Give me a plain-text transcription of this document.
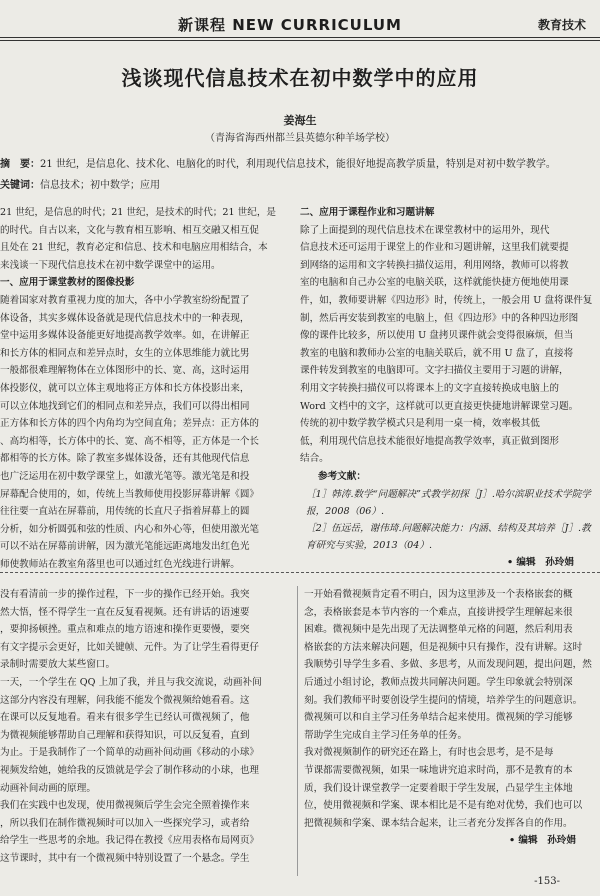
新课程 NEW CURRICULUM	教育技术
浅谈现代信息技术在初中数学中的应用
姜海生
（青海省海西州都兰县英德尔种羊场学校）
摘　要：21 世纪，是信息化、技术化、电脑化的时代，利用现代信息技术，能很好地提高教学质量，特别是对初中数学教学。
关键词：信息技术；初中数学；应用

21 世纪，是信息的时代；21 世纪，是技术的时代；21 世纪，是

的时代。自古以来，文化与教育相互影响、相互交融又相互促

且处在 21 世纪，教育必定和信息、技术和电脑应用相结合，本

来浅谈一下现代信息技术在初中数学课堂中的运用。

一、应用于课堂教材的图像投影

随着国家对教育重视力度的加大，各中小学教室纷纷配置了

体设备，其实多媒体设备就是现代信息技术中的一种表现，

堂中运用多媒体设备能更好地提高教学效率。如，在讲解正

和长方体的相同点和差异点时，女生的立体思维能力就比男

一般都很难理解物体在立体图形中的长、宽、高，这时运用

体投影仪，就可以立体主观地将正方体和长方体投影出来，

可以立体地找到它们的相同点和差异点，我们可以得出相同

正方体和长方体的四个内角均为空间直角；差异点：正方体的

、高均相等，长方体中的长、宽、高不相等，正方体是一个长

都相等的长方体。除了教室多媒体设备，还有其他现代信息

也广泛运用在初中数学课堂上，如激光笔等。激光笔是和投

屏幕配合使用的，如，传统上当教师使用投影屏幕讲解《圆》

往往要一直站在屏幕前，用传统的长直尺子指着屏幕上的圆

分析，如分析圆弧和弦的性质、内心和外心等，但使用激光笔

可以不站在屏幕前讲解，因为激光笔能远距离地发出红色光

师使教师站在教室角落里也可以通过红色光线进行讲解。

二、应用于课程作业和习题讲解

除了上面提到的现代信息技术在课堂教材中的运用外，现代

信息技术还可运用于课堂上的作业和习题讲解，这里我们就要提

到网络的运用和文字转换扫描仪运用，利用网络，教师可以将教

室的电脑和自己办公室的电脑关联，这样就能快捷方便地使用课

件，如，教师要讲解《四边形》时，传统上，一般会用 U 盘将课件复

制，然后再安装到教室的电脑上，但《四边形》中的各种四边形图

像的课件比较多，所以使用 U 盘拷贝课件就会变得很麻烦，但当

教室的电脑和教师办公室的电脑关联后，就不用 U 盘了，直接将

课件转发到教室的电脑即可。文字扫描仪主要用于习题的讲解，

利用文字转换扫描仪可以将课本上的文字直接转换成电脑上的

Word 文档中的文字，这样就可以更直接更快捷地讲解课堂习题。

传统的初中数学教学模式只是利用一桌一椅，效率极其低

低，利用现代信息技术能很好地提高教学效率，真正做到图形

结合。

参考文献：

［1］韩涛.数学“问题解决”式教学初探［J］.哈尔滨职业技术学院学报，2008（06）.

［2］伍远岳，谢伟琦.问题解决能力：内涵、结构及其培养［J］.教育研究与实验，2013（04）.

• 编辑　孙玲娟

没有看清前一步的操作过程，下一步的操作已经开始。我突

然大悟，怪不得学生一直在反复看视频。还有讲话的语速要

，要抑扬顿挫。重点和难点的地方语速和操作更要慢，要突

有文字提示会更好，比如关键帧、元件。为了让学生看得更仔

录制时需要放大某些窗口。

一天，一个学生在 QQ 上加了我，并且与我交流说，动画补间

这部分内容没有理解，问我能不能发个微视频给她看看。这

在课可以反复地看。看来有很多学生已经认可微视频了，他

为微视频能够帮助自己理解和获得知识，可以反复看，直到

为止。于是我制作了一个简单的动画补间动画《移动的小球》

视频发给她，她给我的反馈就是学会了制作移动的小球，也理

动画补间动画的原理。

我们在实践中也发现，使用微视频后学生会完全照着操作来

，所以我们在制作微视频时可以加入一些探究学习，或者给

给学生一些思考的余地。我记得在教授《应用表格布局网页》

这节课时，其中有一个微视频中特别设置了一个悬念。学生

一开始看微视频肯定看不明白，因为这里涉及一个表格嵌套的概

念，表格嵌套是本节内容的一个难点，直接讲授学生理解起来很

困难。微视频中是先出现了无法调整单元格的问题，然后利用表

格嵌套的方法来解决问题，但是视频中只有操作，没有讲解。这时

我顺势引导学生多看、多做、多思考，从而发现问题，提出问题，然

后通过小组讨论，教师点拨共同解决问题。学生印象就会特别深

刻。我们教师平时要创设学生提问的情境，培养学生的问题意识。

微视频可以和自主学习任务单结合起来使用。微视频的学习能够

帮助学生完成自主学习任务单的任务。

我对微视频制作的研究还在路上，有时也会思考，是不是每

节课都需要微视频，如果一味地讲究追求时尚，那不是教育的本

质，我们设计课堂教学一定要着眼于学生发展，凸显学生主体地

位，使用微视频和学案、课本相比是不是有绝对优势，我们也可以

把微视频和学案、课本结合起来，让三者充分发挥各自的作用。

• 编辑　孙玲娟

-153-
